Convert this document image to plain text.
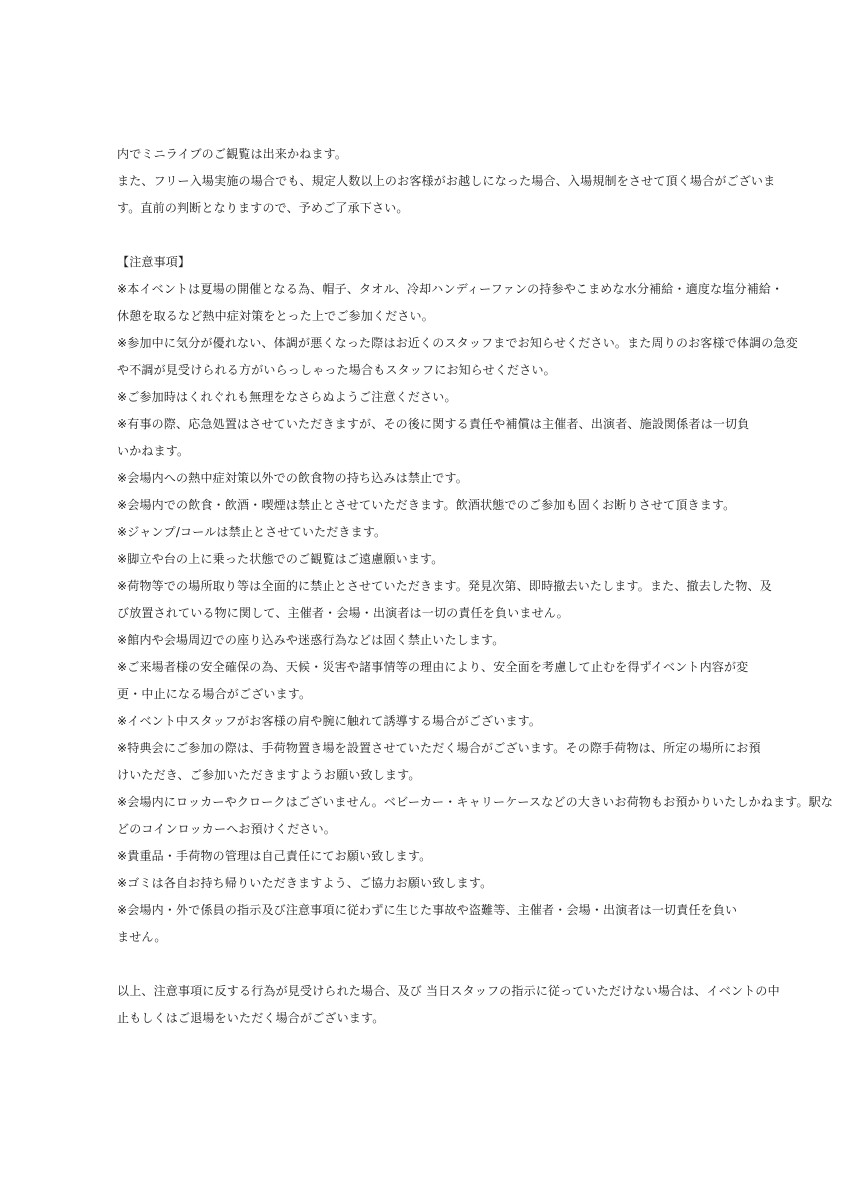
内でミニライブのご観覧は出来かねます。
また、フリー入場実施の場合でも、規定人数以上のお客様がお越しになった場合、入場規制をさせて頂く場合がございま
す。直前の判断となりますので、予めご了承下さい。
【注意事項】
※本イベントは夏場の開催となる為、帽子、タオル、冷却ハンディーファンの持参やこまめな水分補給・適度な塩分補給・
休憩を取るなど熱中症対策をとった上でご参加ください。
※参加中に気分が優れない、体調が悪くなった際はお近くのスタッフまでお知らせください。また周りのお客様で体調の急変
や不調が見受けられる方がいらっしゃった場合もスタッフにお知らせください。
※ご参加時はくれぐれも無理をなさらぬようご注意ください。
※有事の際、応急処置はさせていただきますが、その後に関する責任や補償は主催者、出演者、施設関係者は一切負
いかねます。
※会場内への熱中症対策以外での飲食物の持ち込みは禁止です。
※会場内での飲食・飲酒・喫煙は禁止とさせていただきます。飲酒状態でのご参加も固くお断りさせて頂きます。
※ジャンプ/コールは禁止とさせていただきます。
※脚立や台の上に乗った状態でのご観覧はご遠慮願います。
※荷物等での場所取り等は全面的に禁止とさせていただきます。発見次第、即時撤去いたします。また、撤去した物、及
び放置されている物に関して、主催者・会場・出演者は一切の責任を負いません。
※館内や会場周辺での座り込みや迷惑行為などは固く禁止いたします。
※ご来場者様の安全確保の為、天候・災害や諸事情等の理由により、安全面を考慮して止むを得ずイベント内容が変
更・中止になる場合がございます。
※イベント中スタッフがお客様の肩や腕に触れて誘導する場合がございます。
※特典会にご参加の際は、手荷物置き場を設置させていただく場合がございます。その際手荷物は、所定の場所にお預
けいただき、ご参加いただきますようお願い致します。
※会場内にロッカーやクロークはございません。ベビーカー・キャリーケースなどの大きいお荷物もお預かりいたしかねます。駅な
どのコインロッカーへお預けください。
※貴重品・手荷物の管理は自己責任にてお願い致します。
※ゴミは各自お持ち帰りいただきますよう、ご協力お願い致します。
※会場内・外で係員の指示及び注意事項に従わずに生じた事故や盗難等、主催者・会場・出演者は一切責任を負い
ません。
以上、注意事項に反する行為が見受けられた場合、及び 当日スタッフの指示に従っていただけない場合は、イベントの中
止もしくはご退場をいただく場合がございます。
